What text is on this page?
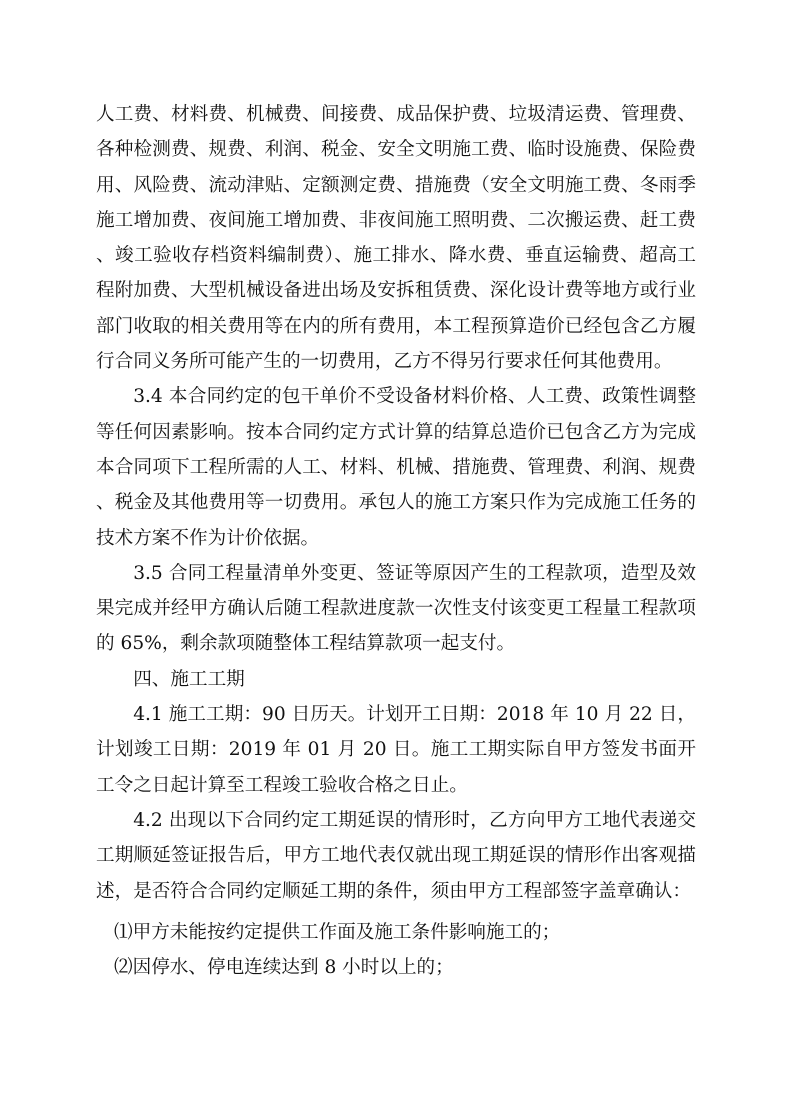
人工费、材料费、机械费、间接费、成品保护费、垃圾清运费、管理费、各种检测费、规费、利润、税金、安全文明施工费、临时设施费、保险费用、风险费、流动津贴、定额测定费、措施费（安全文明施工费、冬雨季施工增加费、夜间施工增加费、非夜间施工照明费、二次搬运费、赶工费、竣工验收存档资料编制费）、施工排水、降水费、垂直运输费、超高工程附加费、大型机械设备进出场及安拆租赁费、深化设计费等地方或行业部门收取的相关费用等在内的所有费用，本工程预算造价已经包含乙方履行合同义务所可能产生的一切费用，乙方不得另行要求任何其他费用。

3.4 本合同约定的包干单价不受设备材料价格、人工费、政策性调整等任何因素影响。按本合同约定方式计算的结算总造价已包含乙方为完成本合同项下工程所需的人工、材料、机械、措施费、管理费、利润、规费、税金及其他费用等一切费用。承包人的施工方案只作为完成施工任务的技术方案不作为计价依据。

3.5 合同工程量清单外变更、签证等原因产生的工程款项，造型及效果完成并经甲方确认后随工程款进度款一次性支付该变更工程量工程款项的 65%，剩余款项随整体工程结算款项一起支付。

四、施工工期

4.1 施工工期：90 日历天。计划开工日期：2018 年 10 月 22 日，计划竣工日期：2019 年 01 月 20 日。施工工期实际自甲方签发书面开工令之日起计算至工程竣工验收合格之日止。

4.2 出现以下合同约定工期延误的情形时，乙方向甲方工地代表递交工期顺延签证报告后，甲方工地代表仅就出现工期延误的情形作出客观描述，是否符合合同约定顺延工期的条件，须由甲方工程部签字盖章确认：

⑴甲方未能按约定提供工作面及施工条件影响施工的；

⑵因停水、停电连续达到 8 小时以上的；
